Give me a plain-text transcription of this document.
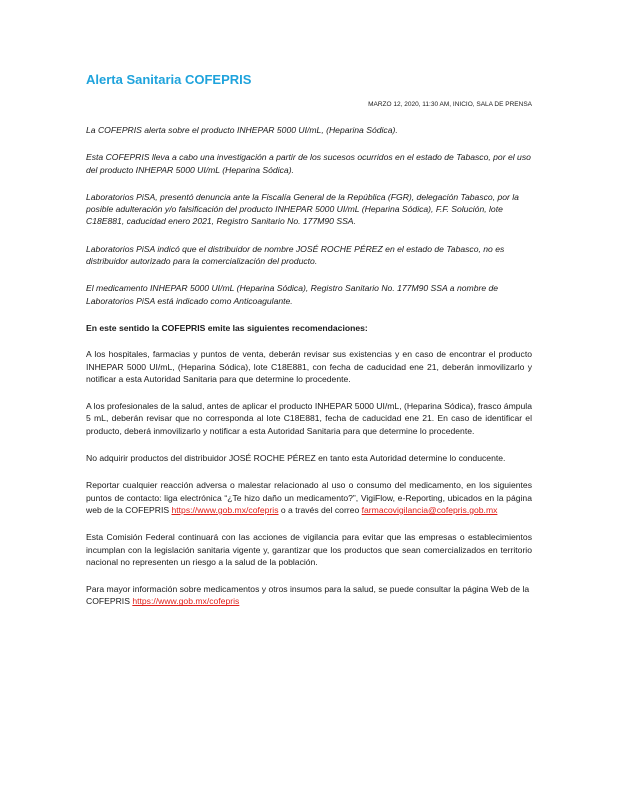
Alerta Sanitaria COFEPRIS
MARZO 12, 2020, 11:30 AM, INICIO, SALA DE PRENSA

La COFEPRIS alerta sobre el producto INHEPAR 5000 UI/mL, (Heparina Sódica).

Esta COFEPRIS lleva a cabo una investigación a partir de los sucesos ocurridos en el estado de Tabasco, por el uso del producto INHEPAR 5000 UI/mL (Heparina Sódica).

Laboratorios PiSA, presentó denuncia ante la Fiscalía General de la República (FGR), delegación Tabasco, por la posible adulteración y/o falsificación del producto INHEPAR 5000 UI/mL (Heparina Sódica), F.F. Solución, lote C18E881, caducidad enero 2021, Registro Sanitario No. 177M90 SSA.

Laboratorios PiSA indicó que el distribuidor de nombre JOSÉ ROCHE PÉREZ en el estado de Tabasco, no es distribuidor autorizado para la comercialización del producto.

El medicamento INHEPAR 5000 UI/mL (Heparina Sódica), Registro Sanitario No. 177M90 SSA a nombre de Laboratorios PiSA está indicado como Anticoagulante.

En este sentido la COFEPRIS emite las siguientes recomendaciones:

A los hospitales, farmacias y puntos de venta, deberán revisar sus existencias y en caso de encontrar el producto INHEPAR 5000 UI/mL, (Heparina Sódica), lote C18E881, con fecha de caducidad ene 21, deberán inmovilizarlo y notificar a esta Autoridad Sanitaria para que determine lo procedente.

A los profesionales de la salud, antes de aplicar el producto INHEPAR 5000 UI/mL, (Heparina Sódica), frasco ámpula 5 mL, deberán revisar que no corresponda al lote C18E881, fecha de caducidad ene 21. En caso de identificar el producto, deberá inmovilizarlo y notificar a esta Autoridad Sanitaria para que determine lo procedente.

No adquirir productos del distribuidor JOSÉ ROCHE PÉREZ en tanto esta Autoridad determine lo conducente.

Reportar cualquier reacción adversa o malestar relacionado al uso o consumo del medicamento, en los siguientes puntos de contacto: liga electrónica “¿Te hizo daño un medicamento?”, VigiFlow, e-Reporting, ubicados en la página web de la COFEPRIS https://www.gob.mx/cofepris o a través del correo farmacovigilancia@cofepris.gob.mx

Esta Comisión Federal continuará con las acciones de vigilancia para evitar que las empresas o establecimientos incumplan con la legislación sanitaria vigente y, garantizar que los productos que sean comercializados en territorio nacional no representen un riesgo a la salud de la población.

Para mayor información sobre medicamentos y otros insumos para la salud, se puede consultar la página Web de la COFEPRIS https://www.gob.mx/cofepris
